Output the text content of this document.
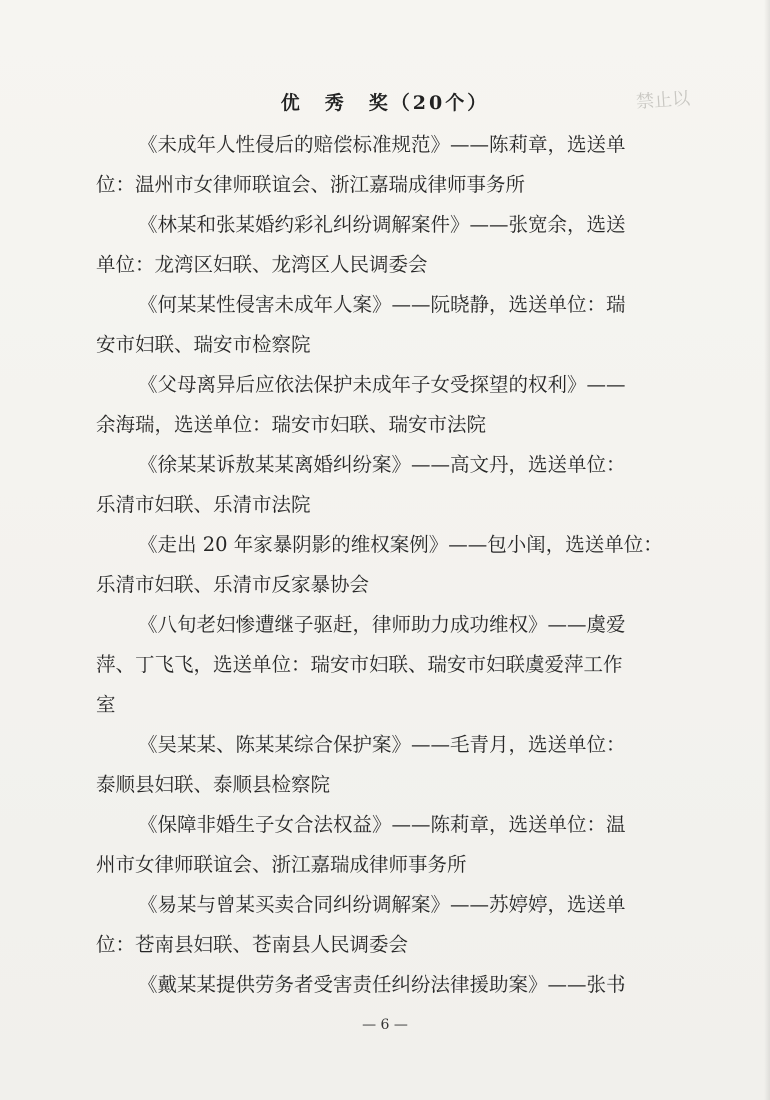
禁止以
优　秀　奖（20个）
《未成年人性侵后的赔偿标准规范》——陈莉章，选送单
位：温州市女律师联谊会、浙江嘉瑞成律师事务所
《林某和张某婚约彩礼纠纷调解案件》——张宽余，选送
单位：龙湾区妇联、龙湾区人民调委会
《何某某性侵害未成年人案》——阮晓静，选送单位：瑞
安市妇联、瑞安市检察院
《父母离异后应依法保护未成年子女受探望的权利》——
余海瑞，选送单位：瑞安市妇联、瑞安市法院
《徐某某诉敖某某离婚纠纷案》——高文丹，选送单位：
乐清市妇联、乐清市法院
《走出 20 年家暴阴影的维权案例》——包小闺，选送单位：
乐清市妇联、乐清市反家暴协会
《八旬老妇惨遭继子驱赶，律师助力成功维权》——虞爱
萍、丁飞飞，选送单位：瑞安市妇联、瑞安市妇联虞爱萍工作
室
《吴某某、陈某某综合保护案》——毛青月，选送单位：
泰顺县妇联、泰顺县检察院
《保障非婚生子女合法权益》——陈莉章，选送单位：温
州市女律师联谊会、浙江嘉瑞成律师事务所
《易某与曾某买卖合同纠纷调解案》——苏婷婷，选送单
位：苍南县妇联、苍南县人民调委会
《戴某某提供劳务者受害责任纠纷法律援助案》——张书
— 6 —
